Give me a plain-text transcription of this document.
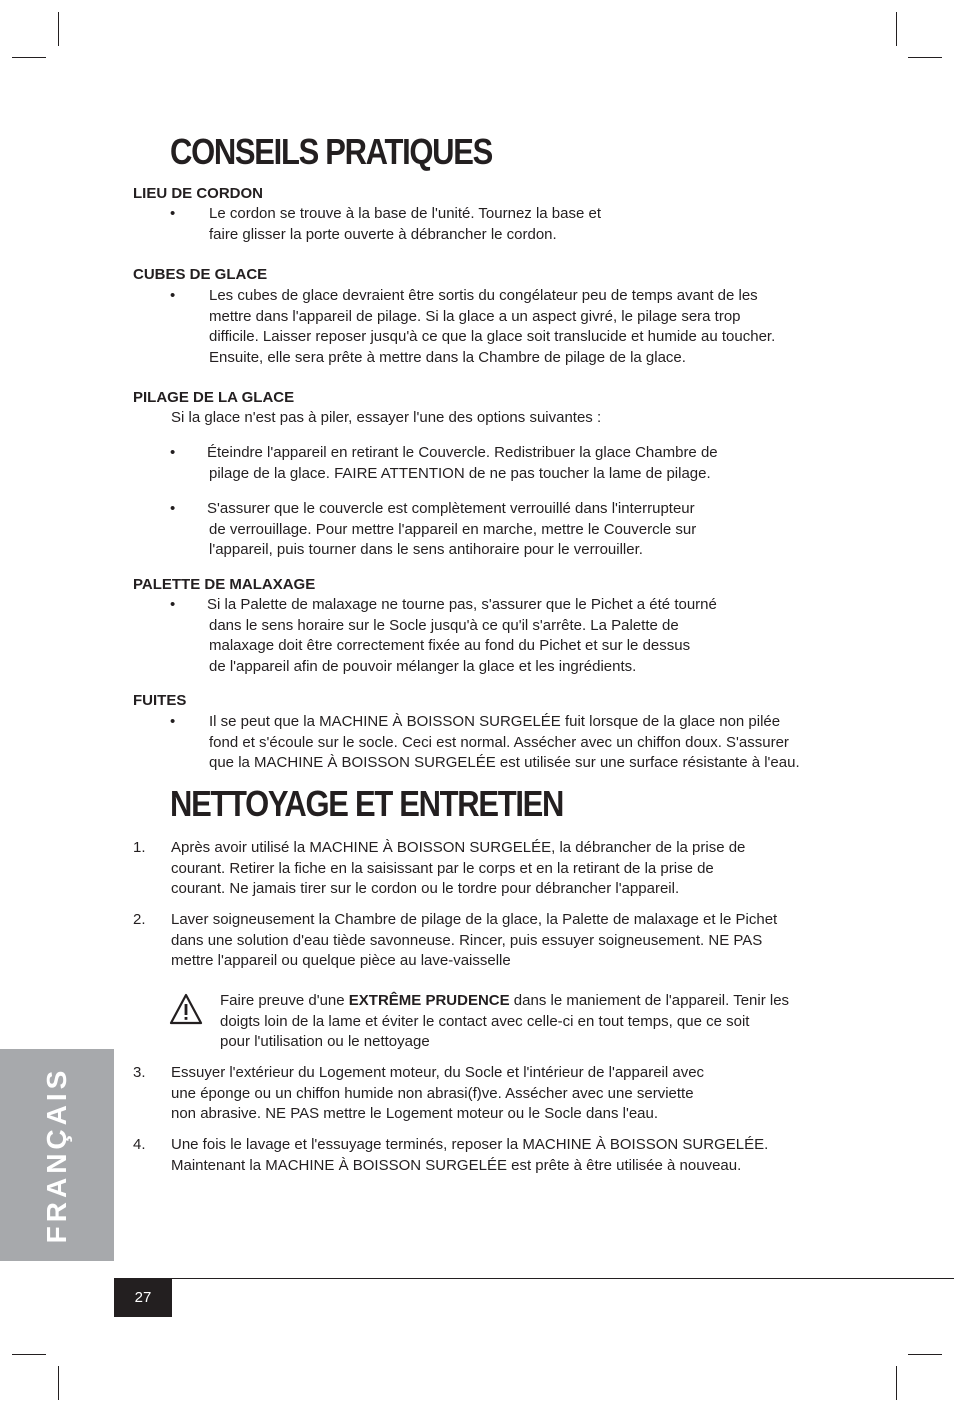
CONSEILS PRATIQUES
LIEU DE CORDON
• Le cordon se trouve à la base de l'unité. Tournez la base et
faire glisser la porte ouverte à débrancher le cordon.
CUBES DE GLACE
• Les cubes de glace devraient être sortis du congélateur peu de temps avant de les
mettre dans l'appareil de pilage. Si la glace a un aspect givré, le pilage sera trop
difficile. Laisser reposer jusqu'à ce que la glace soit translucide et humide au toucher.
Ensuite, elle sera prête à mettre dans la Chambre de pilage de la glace.
PILAGE DE LA GLACE
Si la glace n'est pas à piler, essayer l'une des options suivantes :
• Éteindre l'appareil en retirant le Couvercle. Redistribuer la glace Chambre de
pilage de la glace. FAIRE ATTENTION de ne pas toucher la lame de pilage.
• S'assurer que le couvercle est complètement verrouillé dans l'interrupteur
de verrouillage. Pour mettre l'appareil en marche, mettre le Couvercle sur
l'appareil, puis tourner dans le sens antihoraire pour le verrouiller.
PALETTE DE MALAXAGE
• Si la Palette de malaxage ne tourne pas, s'assurer que le Pichet a été tourné
dans le sens horaire sur le Socle jusqu'à ce qu'il s'arrête. La Palette de
malaxage doit être correctement fixée au fond du Pichet et sur le dessus
de l'appareil afin de pouvoir mélanger la glace et les ingrédients.
FUITES
• Il se peut que la MACHINE À BOISSON SURGELÉE fuit lorsque de la glace non pilée
fond et s'écoule sur le socle. Ceci est normal. Assécher avec un chiffon doux. S'assurer
que la MACHINE À BOISSON SURGELÉE est utilisée sur une surface résistante à l'eau.
NETTOYAGE ET ENTRETIEN
1. Après avoir utilisé la MACHINE À BOISSON SURGELÉE, la débrancher de la prise de
courant. Retirer la fiche en la saisissant par le corps et en la retirant de la prise de
courant. Ne jamais tirer sur le cordon ou le tordre pour débrancher l'appareil.
2. Laver soigneusement la Chambre de pilage de la glace, la Palette de malaxage et le Pichet
dans une solution d'eau tiède savonneuse. Rincer, puis essuyer soigneusement. NE PAS
mettre l'appareil ou quelque pièce au lave-vaisselle
Faire preuve d'une EXTRÊME PRUDENCE dans le maniement de l'appareil. Tenir les
doigts loin de la lame et éviter le contact avec celle-ci en tout temps, que ce soit
pour l'utilisation ou le nettoyage
3. Essuyer l'extérieur du Logement moteur, du Socle et l'intérieur de l'appareil avec
une éponge ou un chiffon humide non abrasi(f)ve. Assécher avec une serviette
non abrasive. NE PAS mettre le Logement moteur ou le Socle dans l'eau.
4. Une fois le lavage et l'essuyage terminés, reposer la MACHINE À BOISSON SURGELÉE.
Maintenant la MACHINE À BOISSON SURGELÉE est prête à être utilisée à nouveau.
FRANÇAIS
27
